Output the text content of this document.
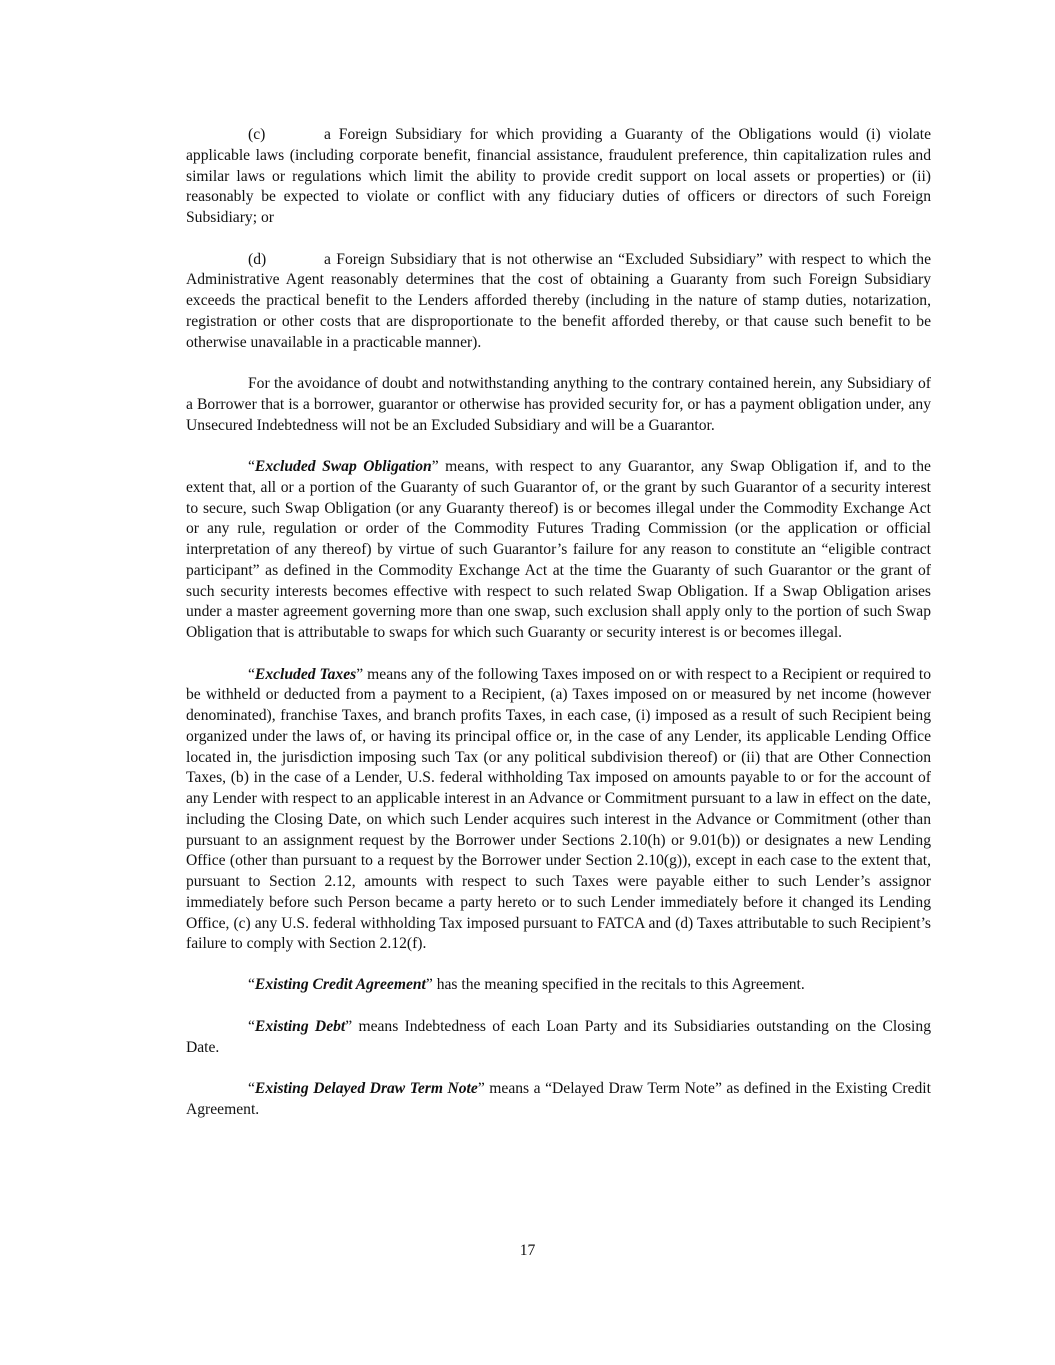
(c)	a Foreign Subsidiary for which providing a Guaranty of the Obligations would (i) violate applicable laws (including corporate benefit, financial assistance, fraudulent preference, thin capitalization rules and similar laws or regulations which limit the ability to provide credit support on local assets or properties) or (ii) reasonably be expected to violate or conflict with any fiduciary duties of officers or directors of such Foreign Subsidiary; or

(d)	a Foreign Subsidiary that is not otherwise an “Excluded Subsidiary” with respect to which the Administrative Agent reasonably determines that the cost of obtaining a Guaranty from such Foreign Subsidiary exceeds the practical benefit to the Lenders afforded thereby (including in the nature of stamp duties, notarization, registration or other costs that are disproportionate to the benefit afforded thereby, or that cause such benefit to be otherwise unavailable in a practicable manner).

For the avoidance of doubt and notwithstanding anything to the contrary contained herein, any Subsidiary of a Borrower that is a borrower, guarantor or otherwise has provided security for, or has a payment obligation under, any Unsecured Indebtedness will not be an Excluded Subsidiary and will be a Guarantor.

“Excluded Swap Obligation” means, with respect to any Guarantor, any Swap Obligation if, and to the extent that, all or a portion of the Guaranty of such Guarantor of, or the grant by such Guarantor of a security interest to secure, such Swap Obligation (or any Guaranty thereof) is or becomes illegal under the Commodity Exchange Act or any rule, regulation or order of the Commodity Futures Trading Commission (or the application or official interpretation of any thereof) by virtue of such Guarantor’s failure for any reason to constitute an “eligible contract participant” as defined in the Commodity Exchange Act at the time the Guaranty of such Guarantor or the grant of such security interests becomes effective with respect to such related Swap Obligation. If a Swap Obligation arises under a master agreement governing more than one swap, such exclusion shall apply only to the portion of such Swap Obligation that is attributable to swaps for which such Guaranty or security interest is or becomes illegal.

“Excluded Taxes” means any of the following Taxes imposed on or with respect to a Recipient or required to be withheld or deducted from a payment to a Recipient, (a) Taxes imposed on or measured by net income (however denominated), franchise Taxes, and branch profits Taxes, in each case, (i) imposed as a result of such Recipient being organized under the laws of, or having its principal office or, in the case of any Lender, its applicable Lending Office located in, the jurisdiction imposing such Tax (or any political subdivision thereof) or (ii) that are Other Connection Taxes, (b) in the case of a Lender, U.S. federal withholding Tax imposed on amounts payable to or for the account of any Lender with respect to an applicable interest in an Advance or Commitment pursuant to a law in effect on the date, including the Closing Date, on which such Lender acquires such interest in the Advance or Commitment (other than pursuant to an assignment request by the Borrower under Sections 2.10(h) or 9.01(b)) or designates a new Lending Office (other than pursuant to a request by the Borrower under Section 2.10(g)), except in each case to the extent that, pursuant to Section 2.12, amounts with respect to such Taxes were payable either to such Lender’s assignor immediately before such Person became a party hereto or to such Lender immediately before it changed its Lending Office, (c) any U.S. federal withholding Tax imposed pursuant to FATCA and (d) Taxes attributable to such Recipient’s failure to comply with Section 2.12(f).

“Existing Credit Agreement” has the meaning specified in the recitals to this Agreement.

“Existing Debt” means Indebtedness of each Loan Party and its Subsidiaries outstanding on the Closing Date.

“Existing Delayed Draw Term Note” means a “Delayed Draw Term Note” as defined in the Existing Credit Agreement.

17
